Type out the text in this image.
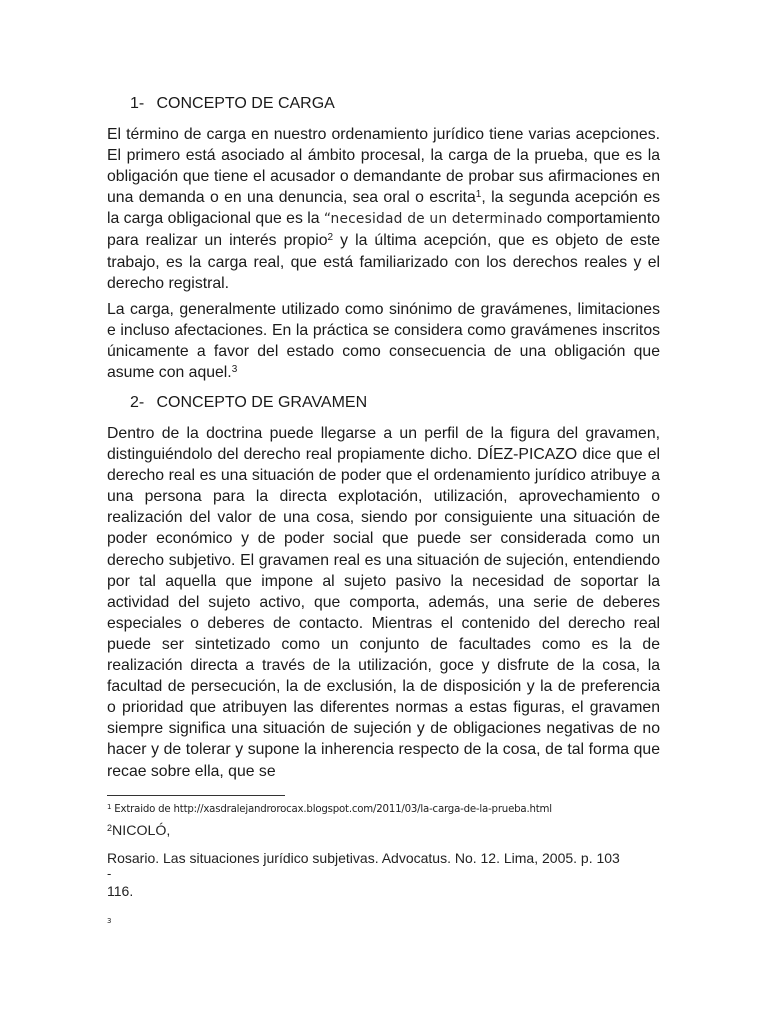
1- CONCEPTO DE CARGA
El término de carga en nuestro ordenamiento jurídico tiene varias acepciones. El primero está asociado al ámbito procesal, la carga de la prueba, que es la obligación que tiene el acusador o demandante de probar sus afirmaciones en una demanda o en una denuncia, sea oral o escrita$^1$, la segunda acepción es la carga obligacional que es la “necesidad de un determinado comportamiento para realizar un interés propio$^2$ y la última acepción, que es objeto de este trabajo, es la carga real, que está familiarizado con los derechos reales y el derecho registral.
La carga, generalmente utilizado como sinónimo de gravámenes, limitaciones e incluso afectaciones. En la práctica se considera como gravámenes inscritos únicamente a favor del estado como consecuencia de una obligación que asume con aquel.$^3$
2- CONCEPTO DE GRAVAMEN
Dentro de la doctrina puede llegarse a un perfil de la figura del gravamen, distinguiéndolo del derecho real propiamente dicho. DÍEZ-PICAZO dice que el derecho real es una situación de poder que el ordenamiento jurídico atribuye a una persona para la directa explotación, utilización, aprovechamiento o realización del valor de una cosa, siendo por consiguiente una situación de poder económico y de poder social que puede ser considerada como un derecho subjetivo. El gravamen real es una situación de sujeción, entendiendo por tal aquella que impone al sujeto pasivo la necesidad de soportar la actividad del sujeto activo, que comporta, además, una serie de deberes especiales o deberes de contacto. Mientras el contenido del derecho real puede ser sintetizado como un conjunto de facultades como es la de realización directa a través de la utilización, goce y disfrute de la cosa, la facultad de persecución, la de exclusión, la de disposición y la de preferencia o prioridad que atribuyen las diferentes normas a estas figuras, el gravamen siempre significa una situación de sujeción y de obligaciones negativas de no hacer y de tolerar y supone la inherencia respecto de la cosa, de tal forma que recae sobre ella, que se
$^1$ Extraido de http://xasdralejandrorocax.blogspot.com/2011/03/la-carga-de-la-prueba.html
$^2$NICOLÓ,
Rosario. Las situaciones jurídico subjetivas. Advocatus. No. 12. Lima, 2005. p. 103
-
116.
3
